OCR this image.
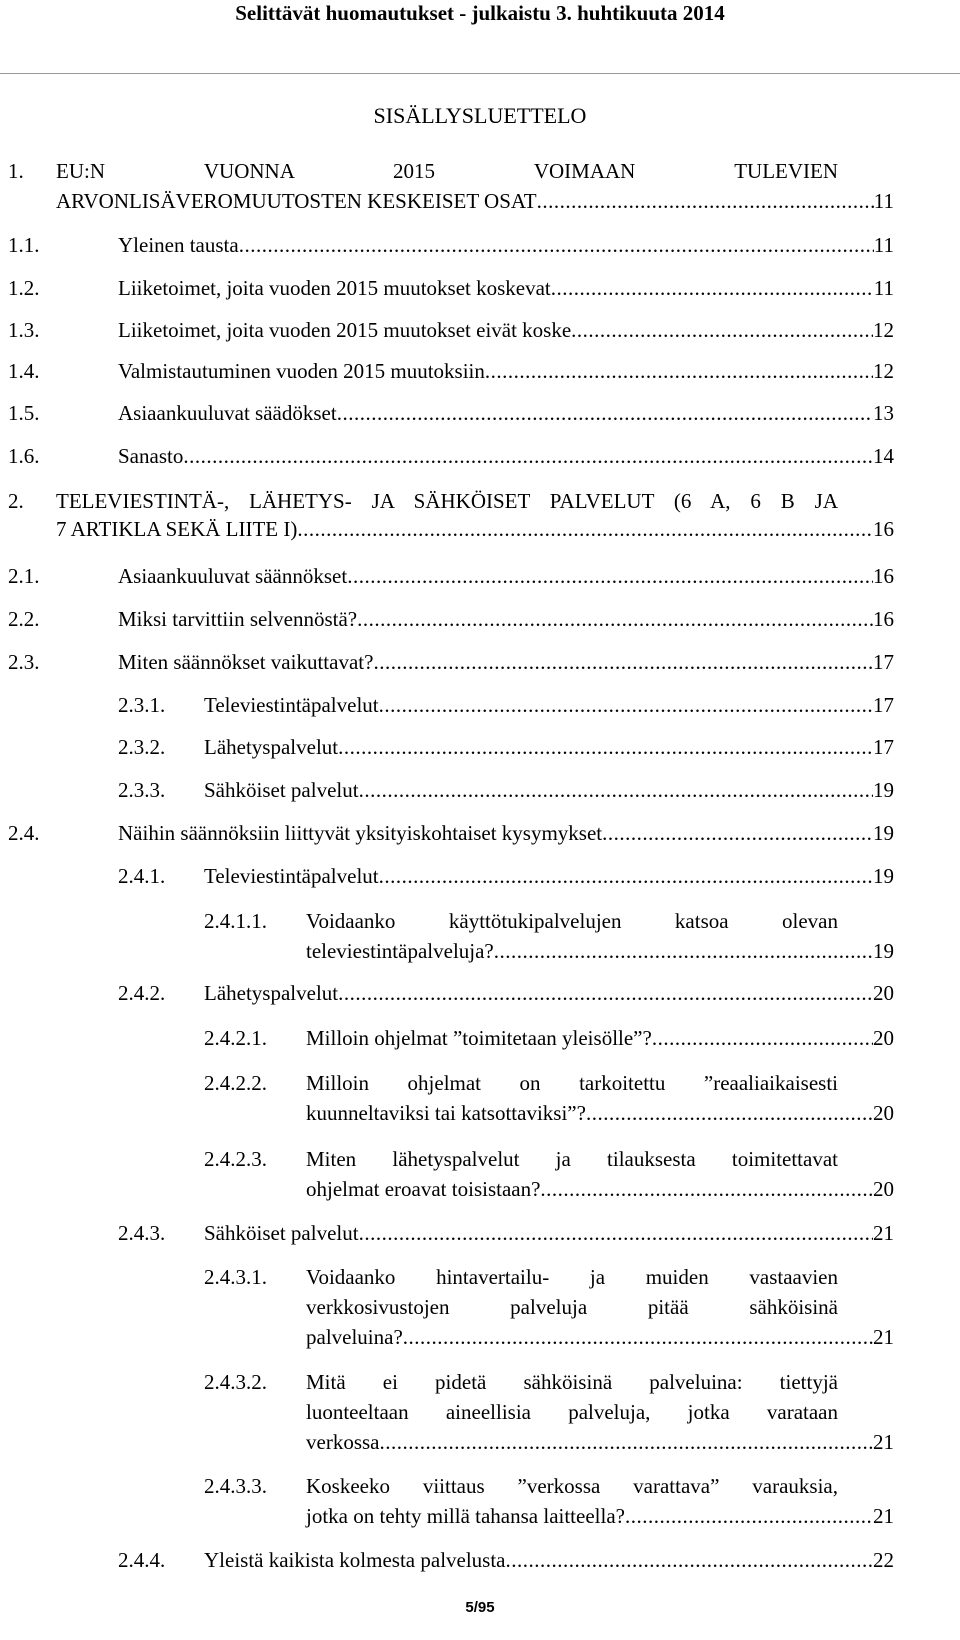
Selittävät huomautukset - julkaistu 3. huhtikuuta 2014
SISÄLLYSLUETTELO
1. EU:N VUONNA 2015 VOIMAAN TULEVIEN
ARVONLISÄVEROMUUTOSTEN KESKEISET OSAT .....	11
1.1.	Yleinen tausta .....	11
1.2.	Liiketoimet, joita vuoden 2015 muutokset koskevat .....	11
1.3.	Liiketoimet, joita vuoden 2015 muutokset eivät koske .....	12
1.4.	Valmistautuminen vuoden 2015 muutoksiin .....	12
1.5.	Asiaankuuluvat säädökset .....	13
1.6.	Sanasto .....	14
2. TELEVIESTINTÄ-, LÄHETYS- JA SÄHKÖISET PALVELUT (6 A, 6 B JA
7 ARTIKLA SEKÄ LIITE I) .....	16
2.1.	Asiaankuuluvat säännökset .....	16
2.2.	Miksi tarvittiin selvennöstä? .....	16
2.3.	Miten säännökset vaikuttavat? .....	17
2.3.1. Televiestintäpalvelut .....	17
2.3.2. Lähetyspalvelut .....	17
2.3.3. Sähköiset palvelut .....	19
2.4.	Näihin säännöksiin liittyvät yksityiskohtaiset kysymykset .....	19
2.4.1. Televiestintäpalvelut .....	19
2.4.1.1. Voidaanko käyttötukipalvelujen katsoa olevan
televiestintäpalveluja? .....	19
2.4.2. Lähetyspalvelut .....	20
2.4.2.1. Milloin ohjelmat ”toimitetaan yleisölle”? .....	20
2.4.2.2. Milloin ohjelmat on tarkoitettu ”reaaliaikaisesti
kuunneltaviksi tai katsottaviksi”? .....	20
2.4.2.3. Miten lähetyspalvelut ja tilauksesta toimitettavat
ohjelmat eroavat toisistaan? .....	20
2.4.3. Sähköiset palvelut .....	21
2.4.3.1. Voidaanko hintavertailu- ja muiden vastaavien
verkkosivustojen palveluja pitää sähköisinä
palveluina? .....	21
2.4.3.2. Mitä ei pidetä sähköisinä palveluina: tiettyjä
luonteeltaan aineellisia palveluja, jotka varataan
verkossa .....	21
2.4.3.3. Koskeeko viittaus ”verkossa varattava” varauksia,
jotka on tehty millä tahansa laitteella? .....	21
2.4.4. Yleistä kaikista kolmesta palvelusta .....	22
5/95
